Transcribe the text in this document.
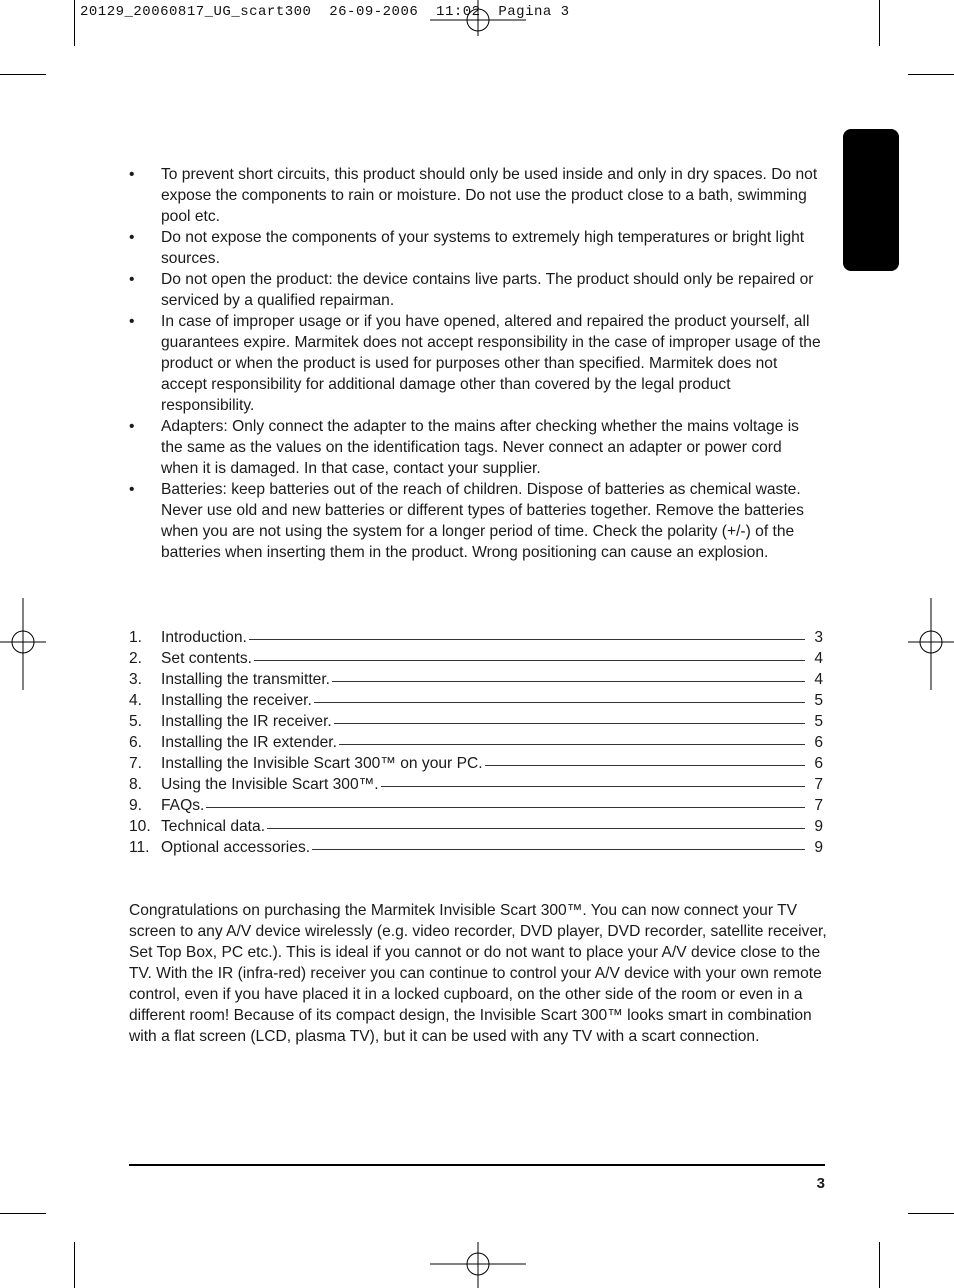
20129_20060817_UG_scart300  26-09-2006  11:02  Pagina 3
• To prevent short circuits, this product should only be used inside and only in dry spaces. Do not expose the components to rain or moisture. Do not use the product close to a bath, swimming pool etc.
• Do not expose the components of your systems to extremely high temperatures or bright light sources.
• Do not open the product: the device contains live parts. The product should only be repaired or serviced by a qualified repairman.
• In case of improper usage or if you have opened, altered and repaired the product yourself, all guarantees expire. Marmitek does not accept responsibility in the case of improper usage of the product or when the product is used for purposes other than specified. Marmitek does not accept responsibility for additional damage other than covered by the legal product responsibility.
• Adapters: Only connect the adapter to the mains after checking whether the mains voltage is the same as the values on the identification tags. Never connect an adapter or power cord when it is damaged. In that case, contact your supplier.
• Batteries: keep batteries out of the reach of children. Dispose of batteries as chemical waste. Never use old and new batteries or different types of batteries together. Remove the batteries when you are not using the system for a longer period of time. Check the polarity (+/-) of the batteries when inserting them in the product. Wrong positioning can cause an explosion.
1.	Introduction.	3
2.	Set contents.	4
3.	Installing the transmitter.	4
4.	Installing the receiver.	5
5.	Installing the IR receiver.	5
6.	Installing the IR extender.	6
7.	Installing the Invisible Scart 300™ on your PC.	6
8.	Using the Invisible Scart 300™.	7
9.	FAQs.	7
10. Technical data.	9
11. Optional accessories.	9

Congratulations on purchasing the Marmitek Invisible Scart 300™. You can now connect your TV screen to any A/V device wirelessly (e.g. video recorder, DVD player, DVD recorder, satellite receiver, Set Top Box, PC etc.). This is ideal if you cannot or do not want to place your A/V device close to the TV. With the IR (infra-red) receiver you can continue to control your A/V device with your own remote control, even if you have placed it in a locked cupboard, on the other side of the room or even in a different room! Because of its compact design, the Invisible Scart 300™ looks smart in combination with a flat screen (LCD, plasma TV), but it can be used with any TV with a scart connection.

3
